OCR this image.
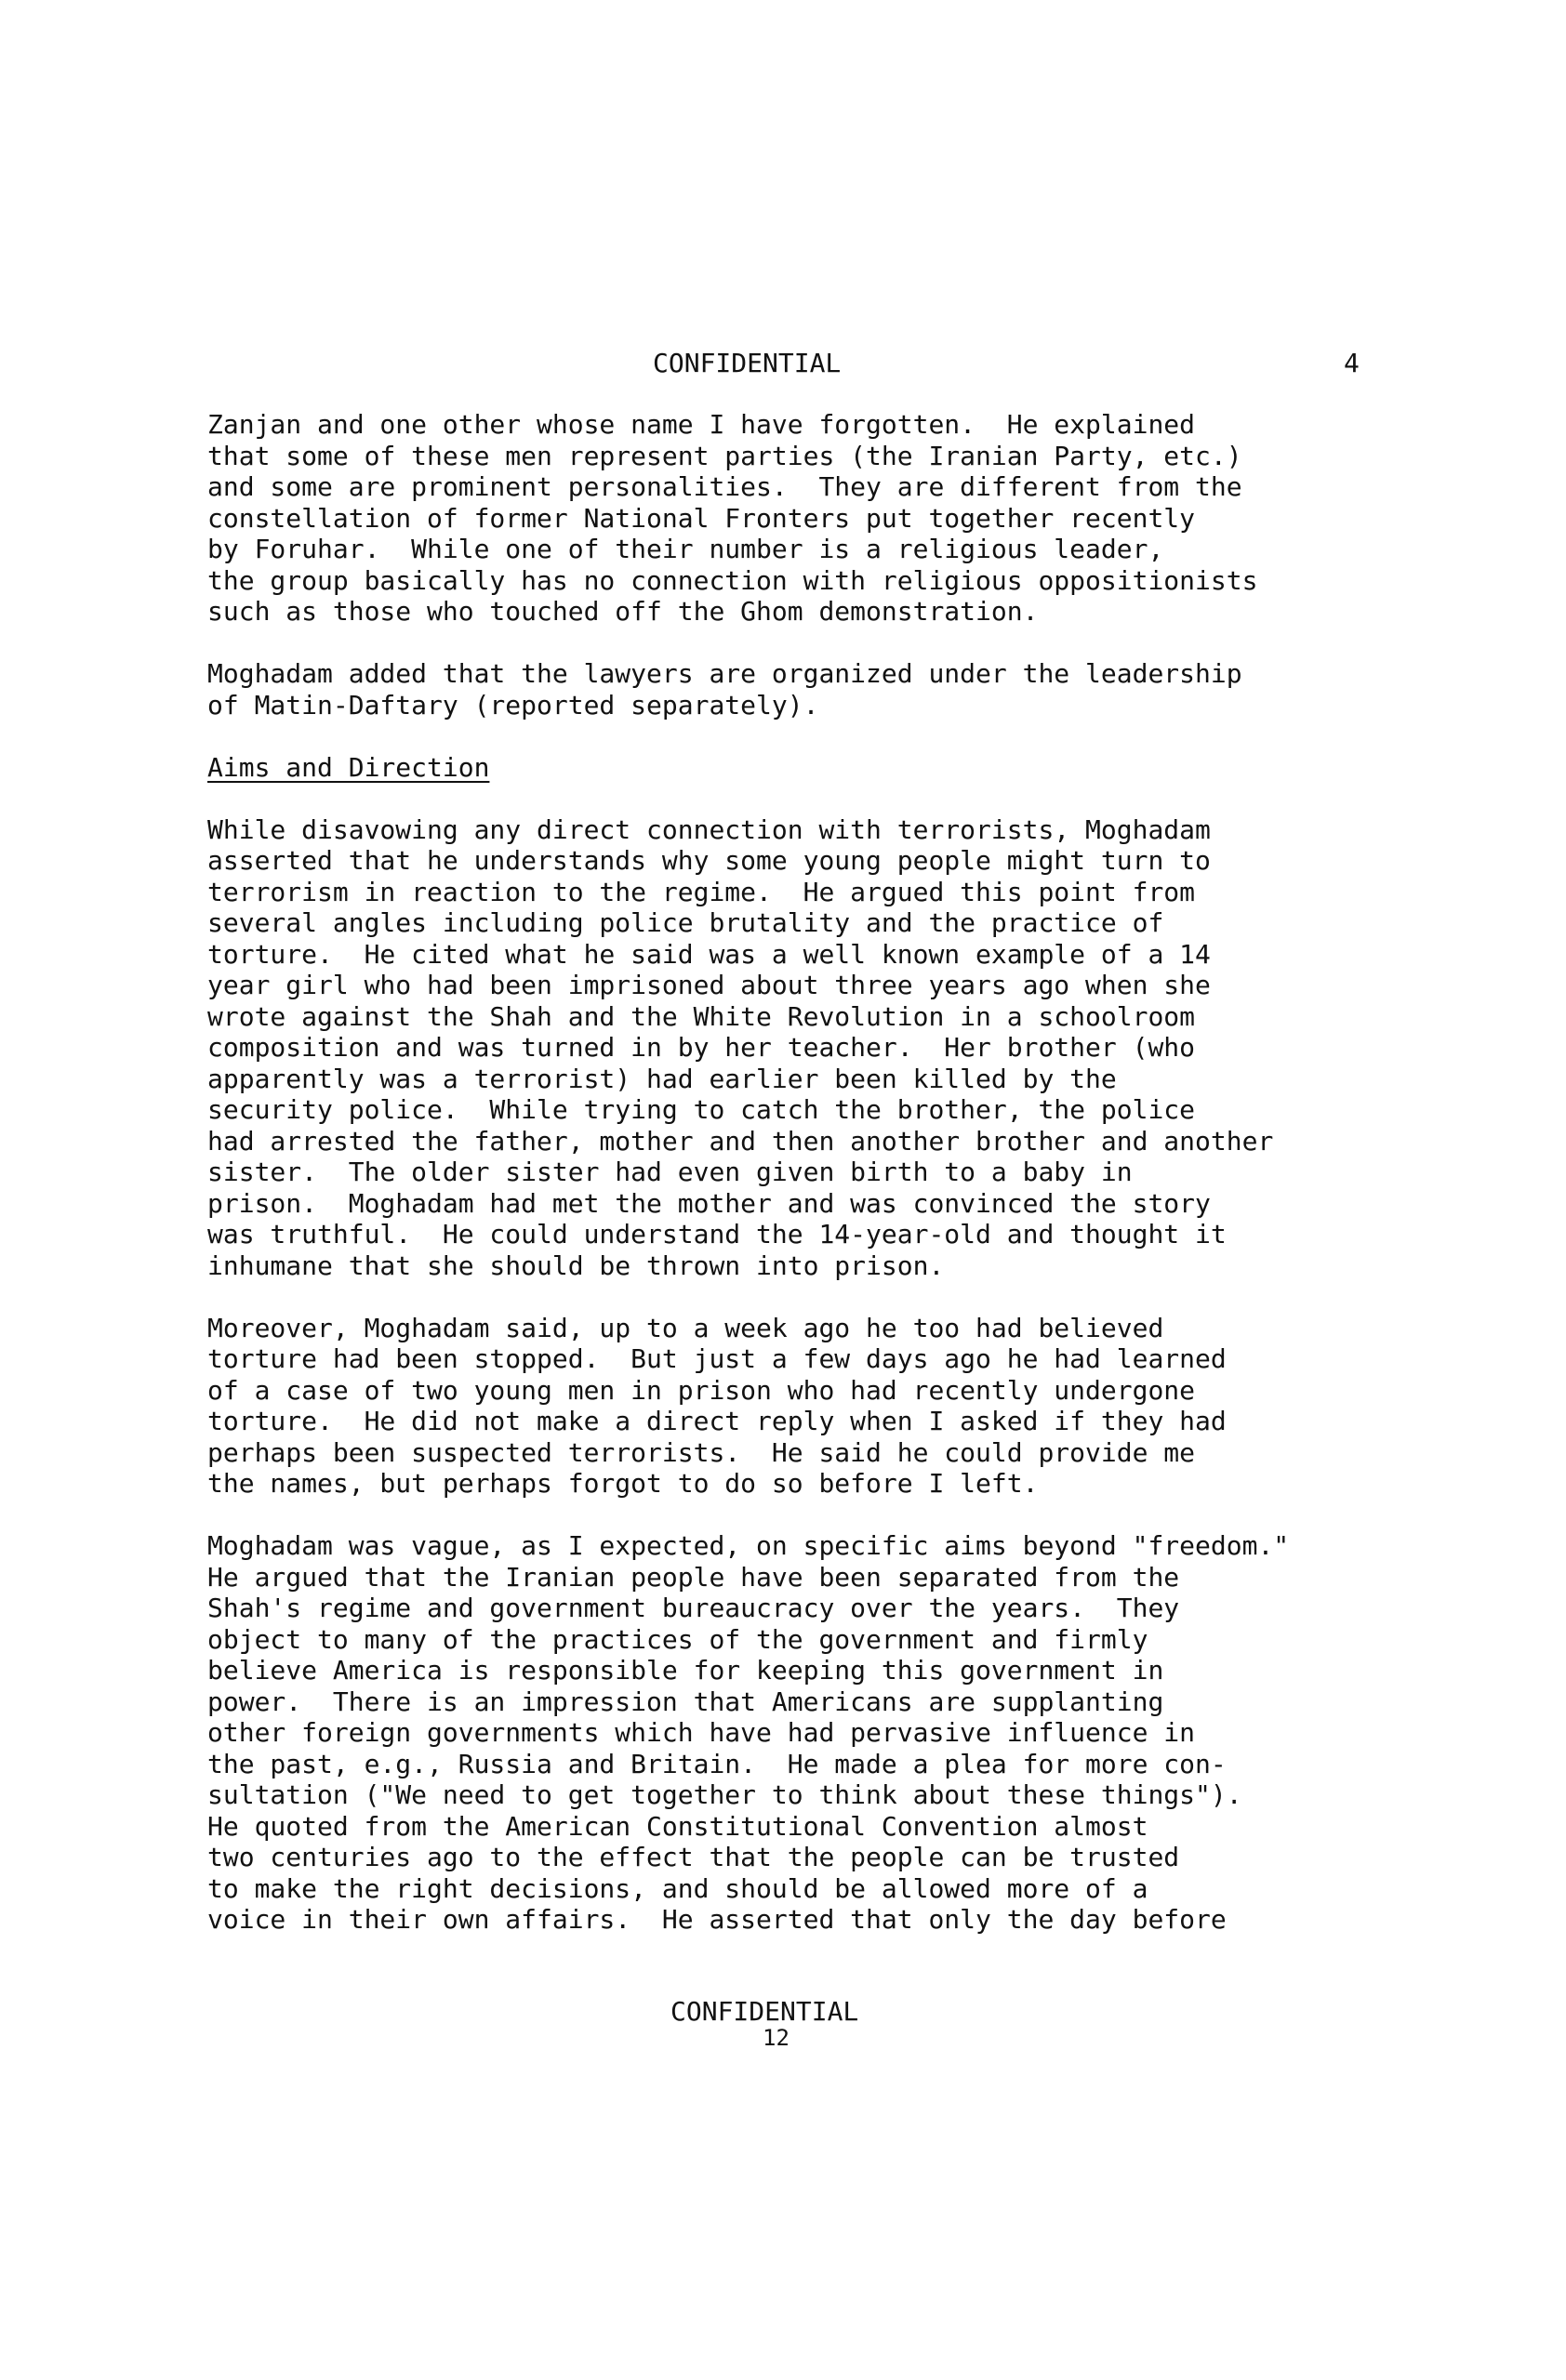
CONFIDENTIAL	4
Zanjan and one other whose name I have forgotten.  He explained
that some of these men represent parties (the Iranian Party, etc.)
and some are prominent personalities.  They are different from the
constellation of former National Fronters put together recently
by Foruhar.  While one of their number is a religious leader,
the group basically has no connection with religious oppositionists
such as those who touched off the Ghom demonstration.
Moghadam added that the lawyers are organized under the leadership
of Matin-Daftary (reported separately).
Aims and Direction
While disavowing any direct connection with terrorists, Moghadam
asserted that he understands why some young people might turn to
terrorism in reaction to the regime.  He argued this point from
several angles including police brutality and the practice of
torture.  He cited what he said was a well known example of a 14
year girl who had been imprisoned about three years ago when she
wrote against the Shah and the White Revolution in a schoolroom
composition and was turned in by her teacher.  Her brother (who
apparently was a terrorist) had earlier been killed by the
security police.  While trying to catch the brother, the police
had arrested the father, mother and then another brother and another
sister.  The older sister had even given birth to a baby in
prison.  Moghadam had met the mother and was convinced the story
was truthful.  He could understand the 14-year-old and thought it
inhumane that she should be thrown into prison.
Moreover, Moghadam said, up to a week ago he too had believed
torture had been stopped.  But just a few days ago he had learned
of a case of two young men in prison who had recently undergone
torture.  He did not make a direct reply when I asked if they had
perhaps been suspected terrorists.  He said he could provide me
the names, but perhaps forgot to do so before I left.
Moghadam was vague, as I expected, on specific aims beyond "freedom."
He argued that the Iranian people have been separated from the
Shah's regime and government bureaucracy over the years.  They
object to many of the practices of the government and firmly
believe America is responsible for keeping this government in
power.  There is an impression that Americans are supplanting
other foreign governments which have had pervasive influence in
the past, e.g., Russia and Britain.  He made a plea for more con-
sultation ("We need to get together to think about these things").
He quoted from the American Constitutional Convention almost
two centuries ago to the effect that the people can be trusted
to make the right decisions, and should be allowed more of a
voice in their own affairs.  He asserted that only the day before
CONFIDENTIAL
12
